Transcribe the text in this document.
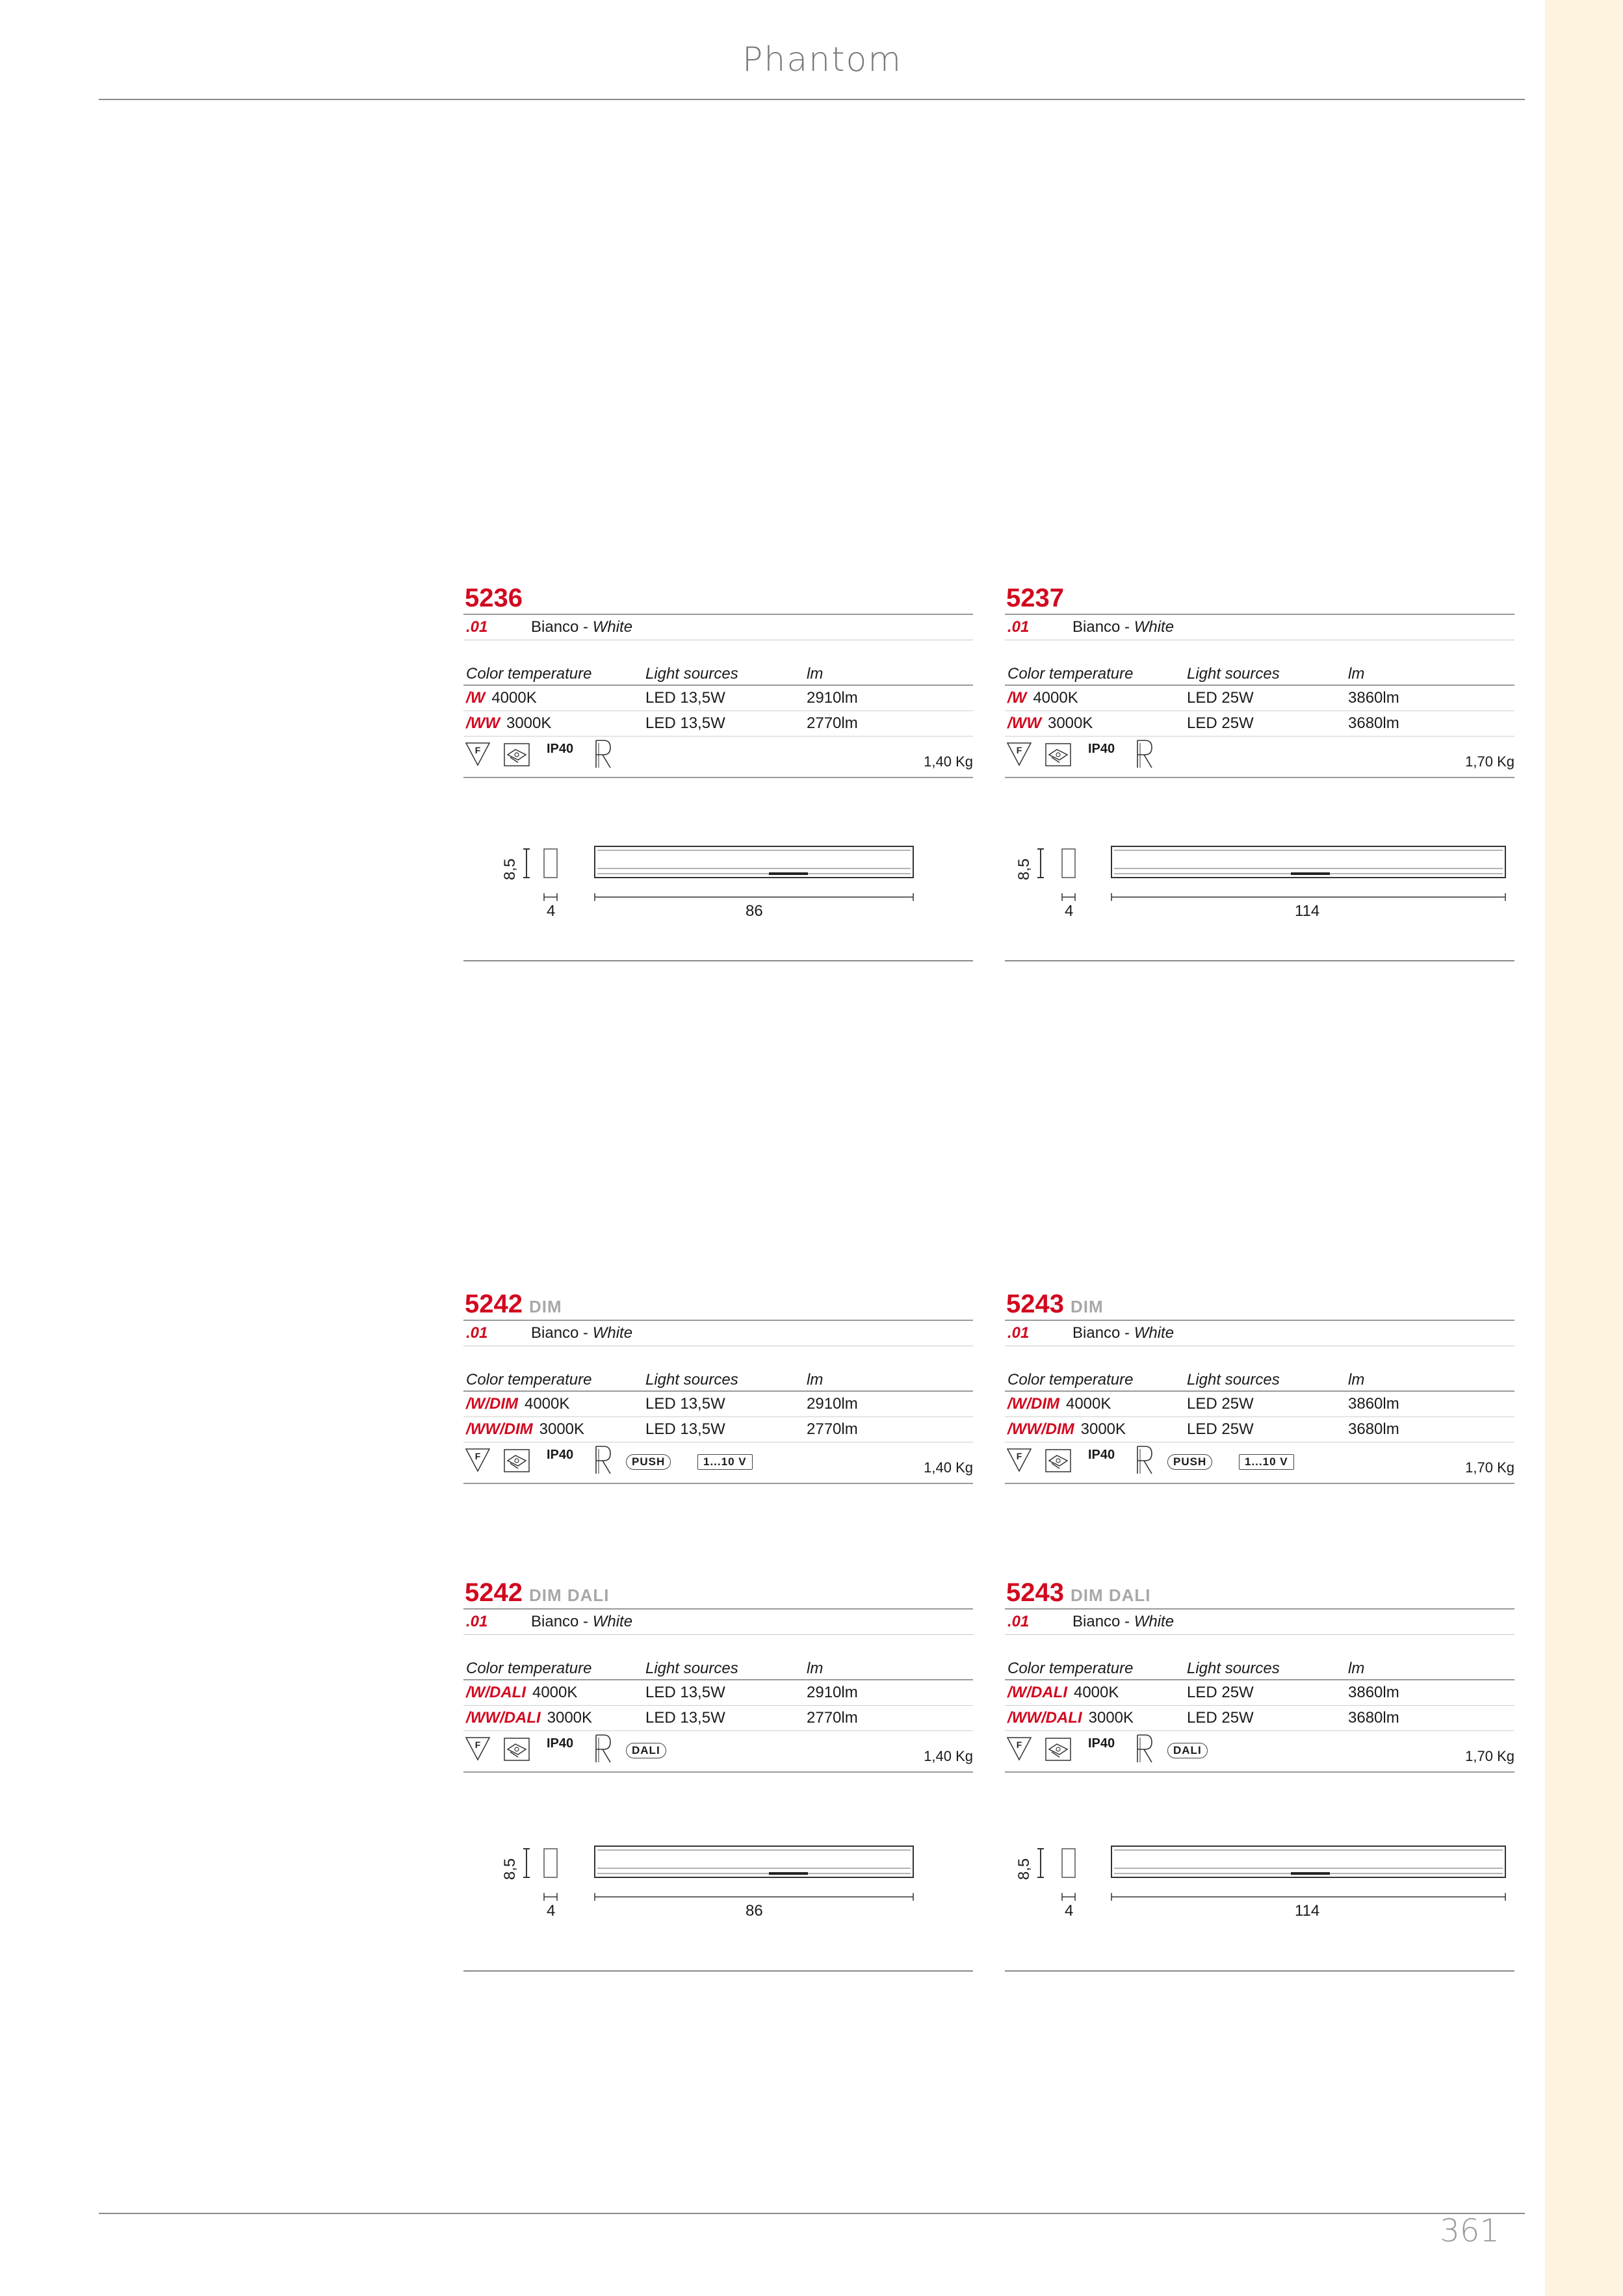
Phantom
361
5236
.01	Bianco - White
Color temperature	Light sources	lm
/W 4000K	LED 13,5W	2910lm
/WW 3000K	LED 13,5W	2770lm
F	IP40
1,40 Kg
5237
.01	Bianco - White
Color temperature	Light sources	lm
/W 4000K	LED 25W	3860lm
/WW 3000K	LED 25W	3680lm
F	IP40
1,70 Kg
5242 DIM
.01	Bianco - White
Color temperature	Light sources	lm
/W/DIM 4000K	LED 13,5W	2910lm
/WW/DIM 3000K	LED 13,5W	2770lm
F	IP40
1,40 Kg
PUSH	1...10 V
5243 DIM
.01	Bianco - White
Color temperature	Light sources	lm
/W/DIM 4000K	LED 25W	3860lm
/WW/DIM 3000K	LED 25W	3680lm
F	IP40
1,70 Kg
PUSH	1...10 V
5242 DIM DALI
.01	Bianco - White
Color temperature	Light sources	lm
/W/DALI 4000K	LED 13,5W	2910lm
/WW/DALI 3000K	LED 13,5W	2770lm
F	IP40
1,40 Kg
DALI
5243 DIM DALI
.01	Bianco - White
Color temperature	Light sources	lm
/W/DALI 4000K	LED 25W	3860lm
/WW/DALI 3000K	LED 25W	3680lm
F	IP40
1,70 Kg
DALI
8,5
4	86
8,5
4	114
8,5
4	86
8,5
4	114
